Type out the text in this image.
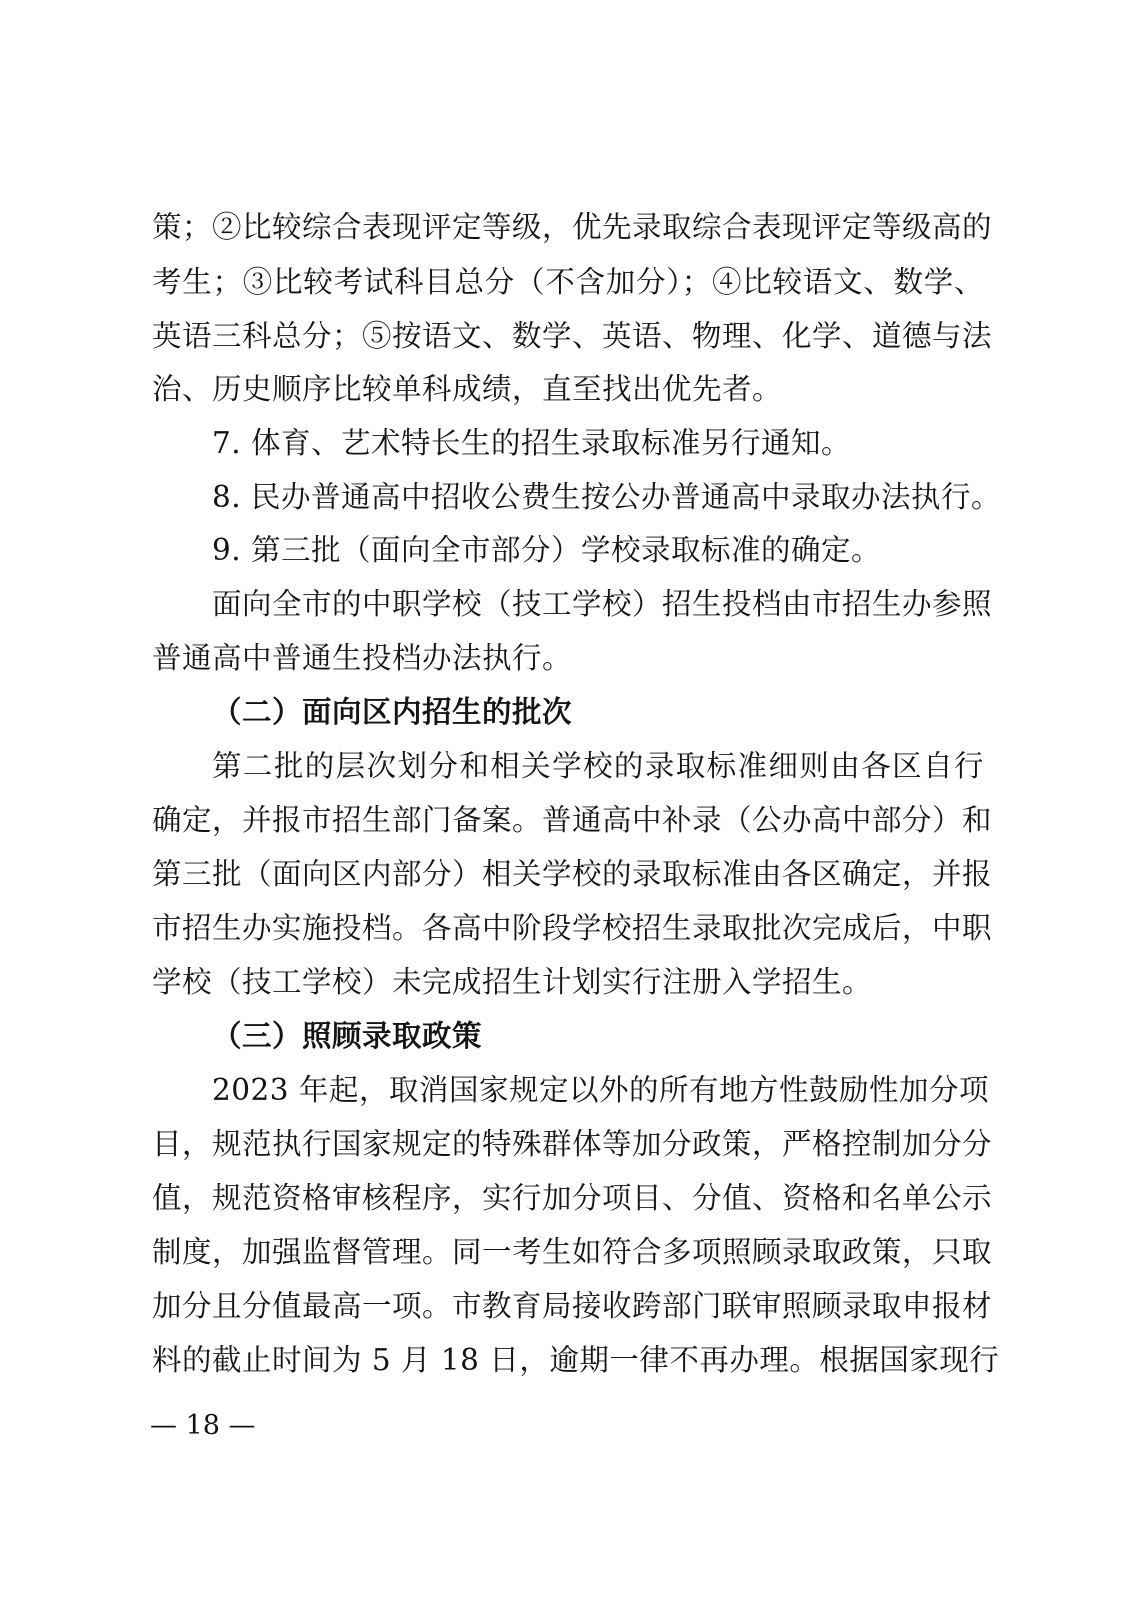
策；②比较综合表现评定等级，优先录取综合表现评定等级高的
考生；③比较考试科目总分（不含加分）；④比较语文、数学、
英语三科总分；⑤按语文、数学、英语、物理、化学、道德与法
治、历史顺序比较单科成绩，直至找出优先者。
7. 体育、艺术特长生的招生录取标准另行通知。
8. 民办普通高中招收公费生按公办普通高中录取办法执行。
9. 第三批（面向全市部分）学校录取标准的确定。
面向全市的中职学校（技工学校）招生投档由市招生办参照
普通高中普通生投档办法执行。
（二）面向区内招生的批次
第二批的层次划分和相关学校的录取标准细则由各区自行
确定，并报市招生部门备案。普通高中补录（公办高中部分）和
第三批（面向区内部分）相关学校的录取标准由各区确定，并报
市招生办实施投档。各高中阶段学校招生录取批次完成后，中职
学校（技工学校）未完成招生计划实行注册入学招生。
（三）照顾录取政策
2023 年起，取消国家规定以外的所有地方性鼓励性加分项
目，规范执行国家规定的特殊群体等加分政策，严格控制加分分
值，规范资格审核程序，实行加分项目、分值、资格和名单公示
制度，加强监督管理。同一考生如符合多项照顾录取政策，只取
加分且分值最高一项。市教育局接收跨部门联审照顾录取申报材
料的截止时间为 5 月 18 日，逾期一律不再办理。根据国家现行
— 18 —
